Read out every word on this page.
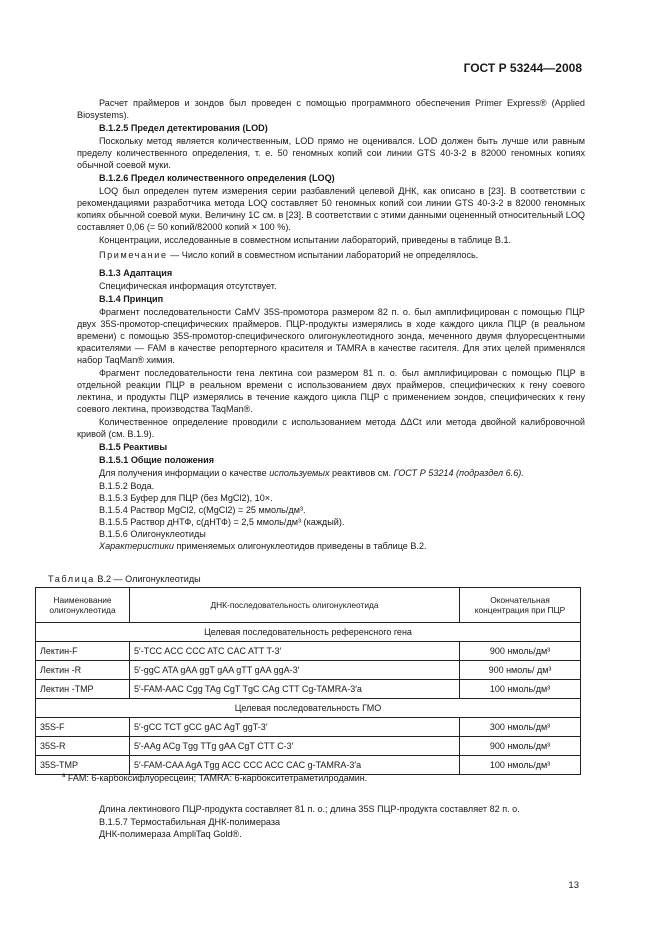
ГОСТ Р 53244—2008

Расчет праймеров и зондов был проведен с помощью программного обеспечения Primer Express® (Applied Biosystems).

В.1.2.5 Предел детектирования (LOD)

Поскольку метод является количественным, LOD прямо не оценивался. LOD должен быть лучше или равным пределу количественного определения, т. е. 50 геномных копий сои линии GTS 40-3-2 в 82000 геномных копиях обычной соевой муки.

В.1.2.6 Предел количественного определения (LOQ)

LOQ был определен путем измерения серии разбавлений целевой ДНК, как описано в [23]. В соответствии с рекомендациями разработчика метода LOQ составляет 50 геномных копий сои линии GTS 40-3-2 в 82000 геномных копиях обычной соевой муки. Величину 1С см. в [23]. В соответствии с этими данными оцененный относительный LOQ составляет 0,06 (= 50 копий/82000 копий × 100 %).

Концентрации, исследованные в совместном испытании лабораторий, приведены в таблице В.1.

Примечание — Число копий в совместном испытании лабораторий не определялось.

В.1.3 Адаптация

Специфическая информация отсутствует.

В.1.4 Принцип

Фрагмент последовательности CaMV 35S-промотора размером 82 п. о. был амплифицирован с помощью ПЦР двух 35S-промотор-специфических праймеров. ПЦР-продукты измерялись в ходе каждого цикла ПЦР (в реальном времени) с помощью 35S-промотор-специфического олигонуклеотидного зонда, меченного двумя флуоресцентными красителями — FAM в качестве репортерного красителя и TAMRA в качестве гасителя. Для этих целей применялся набор TaqMan® химия.

Фрагмент последовательности гена лектина сои размером 81 п. о. был амплифицирован с помощью ПЦР в отдельной реакции ПЦР в реальном времени с использованием двух праймеров, специфических к гену соевого лектина, и продукты ПЦР измерялись в течение каждого цикла ПЦР с применением зондов, специфических к гену соевого лектина, производства TaqMan®.

Количественное определение проводили с использованием метода ΔΔCt или метода двойной калибровочной кривой (см. В.1.9).

В.1.5 Реактивы
В.1.5.1 Общие положения

Для получения информации о качестве используемых реактивов см. ГОСТ Р 53214 (подраздел 6.6).

В.1.5.2 Вода.
В.1.5.3 Буфер для ПЦР (без MgCl2), 10×.
В.1.5.4 Раствор MgCl2, c(MgCl2) = 25 ммоль/дм³.
В.1.5.5 Раствор дНТФ, c(дНТФ) = 2,5 ммоль/дм³ (каждый).
В.1.5.6 Олигонуклеотиды

Характеристики применяемых олигонуклеотидов приведены в таблице В.2.

Таблица В.2 — Олигонуклеотиды
Наименование олигонуклеотида	ДНК-последовательность олигонуклеотида	Окончательная концентрация при ПЦР
Целевая последовательность референсного гена		
Лектин-F	5′-TCC ACC CCC ATC CAC ATT T-3′	900 нмоль/дм³
Лектин -R	5′-ggC ATA gAA ggT gAA gTT gAA ggA-3′	900 нмоль/ дм³
Лектин -TMP	5′-FAM-AAC Cgg TAg CgT TgC CAg CTT Cg-TAMRA-3′a	100 нмоль/дм³
Целевая последовательность ГМО		
35S-F	5′-gCC TCT gCC gAC AgT ggT-3′	300 нмоль/дм³
35S-R	5′-AAg ACg Tgg TTg gAA CgT CTT C-3′	900 нмоль/дм³
35S-TMP	5′-FAM-CAA AgA Tgg ACC CCC ACC CAC g-TAMRA-3′a	100 нмоль/дм³
$^a$ FAM: 6-карбоксифлуоресцеин; TAMRA: 6-карбокситетраметилродамин.

Длина лектинового ПЦР-продукта составляет 81 п. о.; длина 35S ПЦР-продукта составляет 82 п. о.

В.1.5.7 Термостабильная ДНК-полимераза

ДНК-полимераза AmpliTaq Gold®.

13
